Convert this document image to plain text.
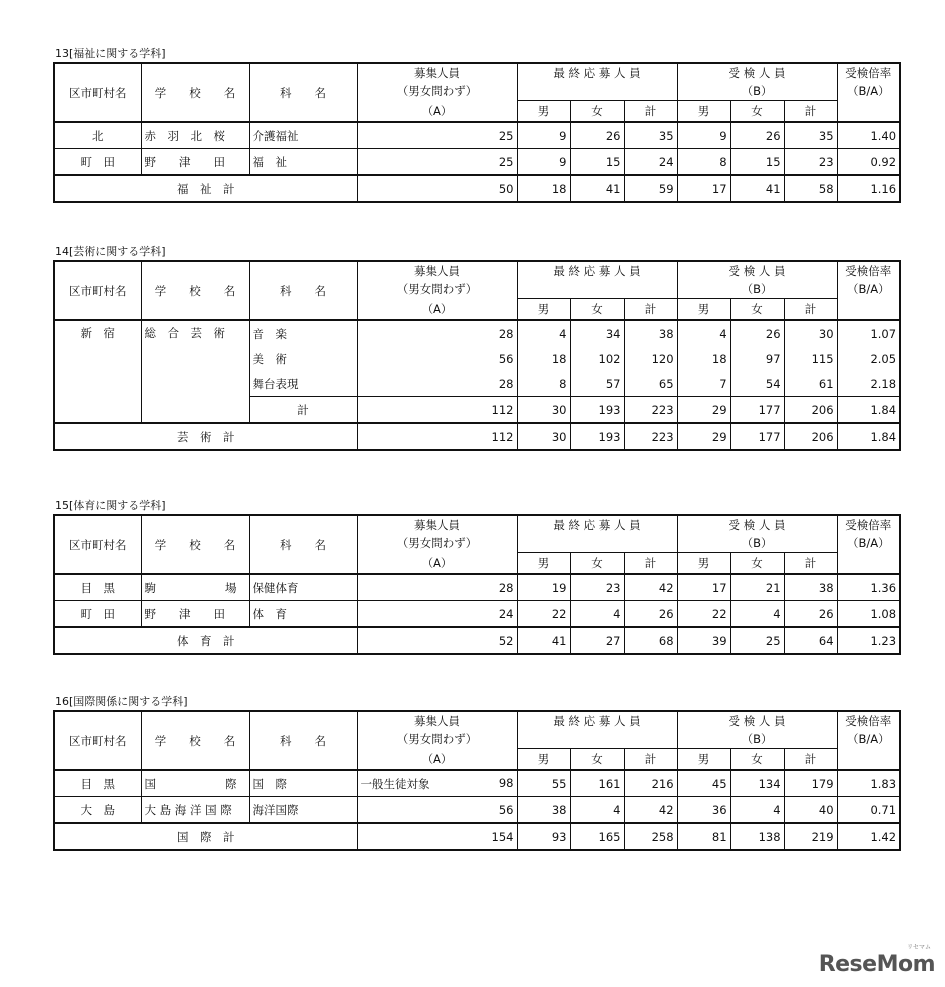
13[福祉に関する学科]
区市町村名	学　　校　　名	科　　名	募集人員	最 終 応 募 人 員			受 検 人 員			受検倍率
			（男女問わず）				（B）			（B/A）
			（A）	男	女	計	男	女	計	
北	赤　羽　北　桜	介護福祉	25	9	26	35	9	26	35	1.40
町　田	野　　津　　田	福　祉	25	9	15	24	8	15	23	0.92
福　祉　計			50	18	41	59	17	41	58	1.16
14[芸術に関する学科]
区市町村名	学　　校　　名	科　　名	募集人員	最 終 応 募 人 員			受 検 人 員			受検倍率
			（男女問わず）				（B）			（B/A）
			（A）	男	女	計	男	女	計	
新　宿	総　合　芸　術	音　楽	28	4	34	38	4	26	30	1.07
		美　術	56	18	102	120	18	97	115	2.05
		舞台表現	28	8	57	65	7	54	61	2.18
		計	112	30	193	223	29	177	206	1.84
芸　術　計			112	30	193	223	29	177	206	1.84
15[体育に関する学科]
区市町村名	学　　校　　名	科　　名	募集人員	最 終 応 募 人 員			受 検 人 員			受検倍率
			（男女問わず）				（B）			（B/A）
			（A）	男	女	計	男	女	計	
目　黒	駒　　　　　　場	保健体育	28	19	23	42	17	21	38	1.36
町　田	野　　津　　田	体　育	24	22	4	26	22	4	26	1.08
体　育　計			52	41	27	68	39	25	64	1.23
16[国際関係に関する学科]
区市町村名	学　　校　　名	科　　名	募集人員	最 終 応 募 人 員			受 検 人 員			受検倍率
			（男女問わず）				（B）			（B/A）
			（A）	男	女	計	男	女	計	
目　黒	国　　　　　　際	国　際	一般生徒対象 98	55	161	216	45	134	179	1.83
大　島	大 島 海 洋 国 際	海洋国際	56	38	4	42	36	4	40	0.71
国　際　計			154	93	165	258	81	138	219	1.42
リセマム
ReseMom
